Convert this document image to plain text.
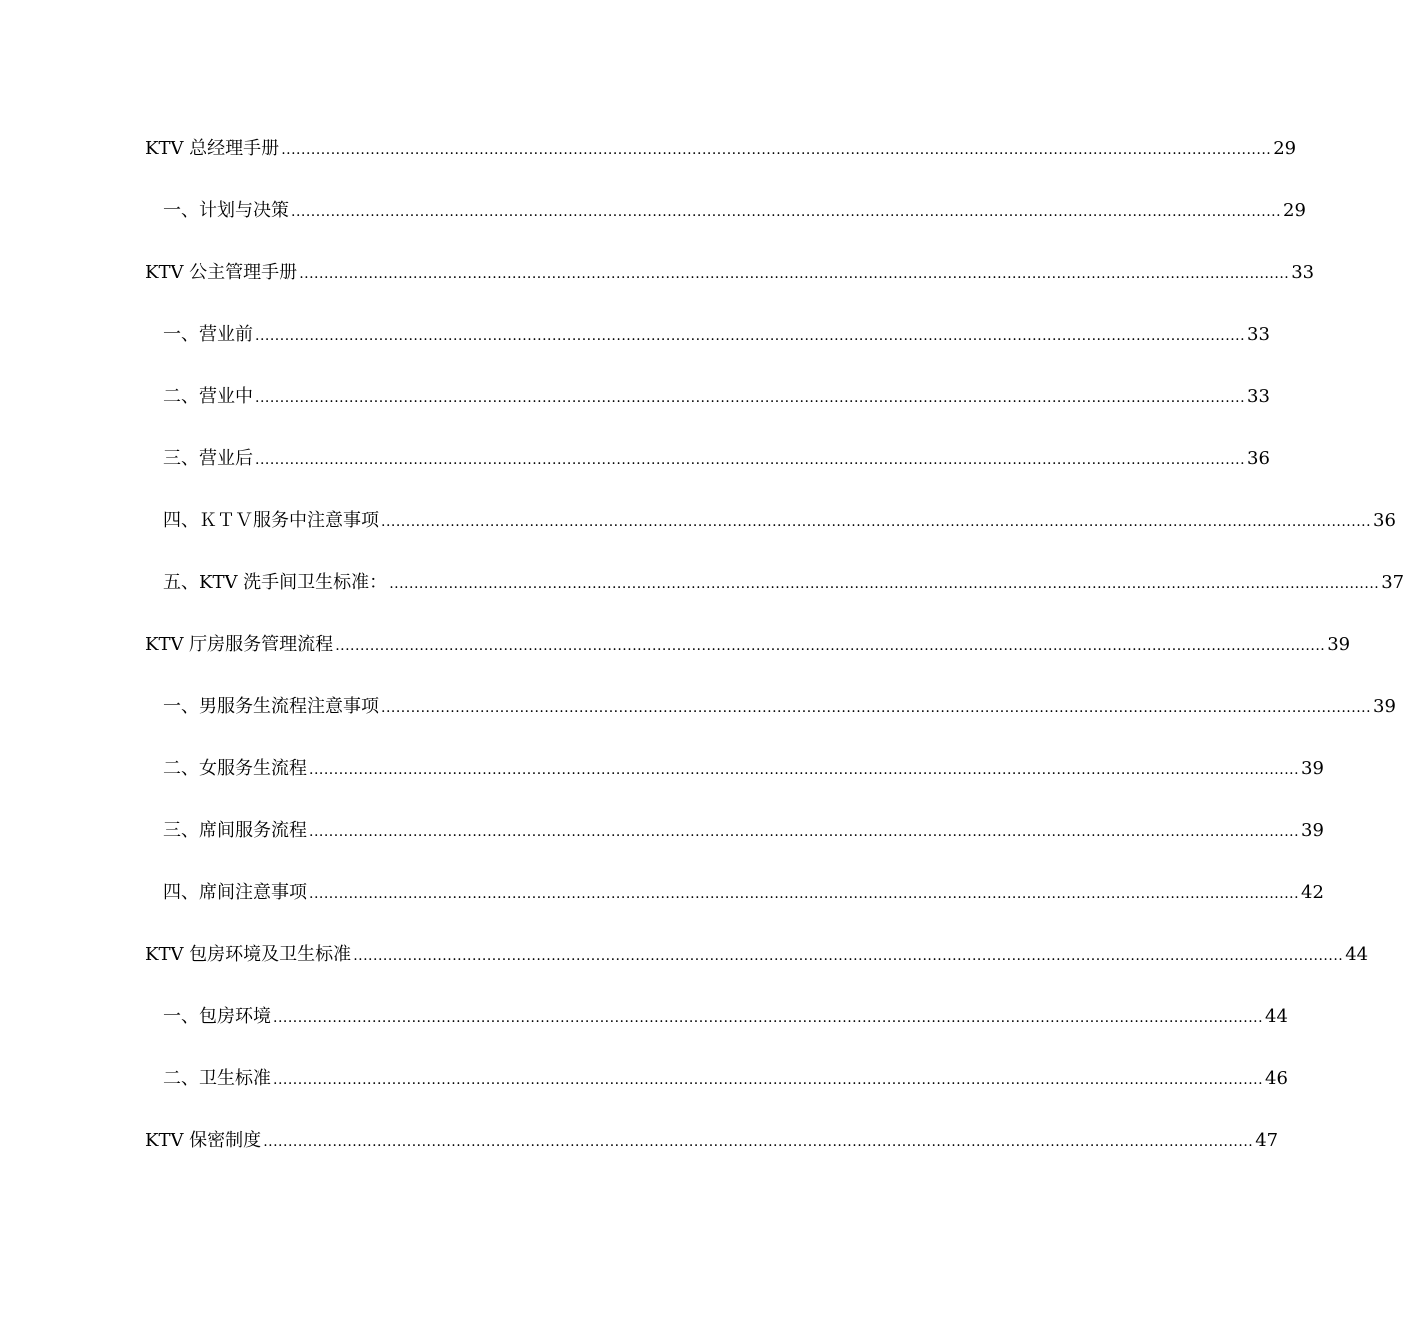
KTV 总经理手册 ........................................................................................................................................................................................................ 29
一、计划与决策 ........................................................................................................................................................................................................ 29
KTV 公主管理手册 ........................................................................................................................................................................................................ 33
一、营业前 ........................................................................................................................................................................................................ 33
二、营业中 ........................................................................................................................................................................................................ 33
三、营业后 ........................................................................................................................................................................................................ 36
四、ＫＴＶ服务中注意事项 ........................................................................................................................................................................................................ 36
五、KTV 洗手间卫生标准： ........................................................................................................................................................................................................ 37
KTV 厅房服务管理流程 ........................................................................................................................................................................................................ 39
一、男服务生流程注意事项 ........................................................................................................................................................................................................ 39
二、女服务生流程 ........................................................................................................................................................................................................ 39
三、席间服务流程 ........................................................................................................................................................................................................ 39
四、席间注意事项 ........................................................................................................................................................................................................ 42
KTV 包房环境及卫生标准 ........................................................................................................................................................................................................ 44
一、包房环境 ........................................................................................................................................................................................................ 44
二、卫生标准 ........................................................................................................................................................................................................ 46
KTV 保密制度 ........................................................................................................................................................................................................ 47
